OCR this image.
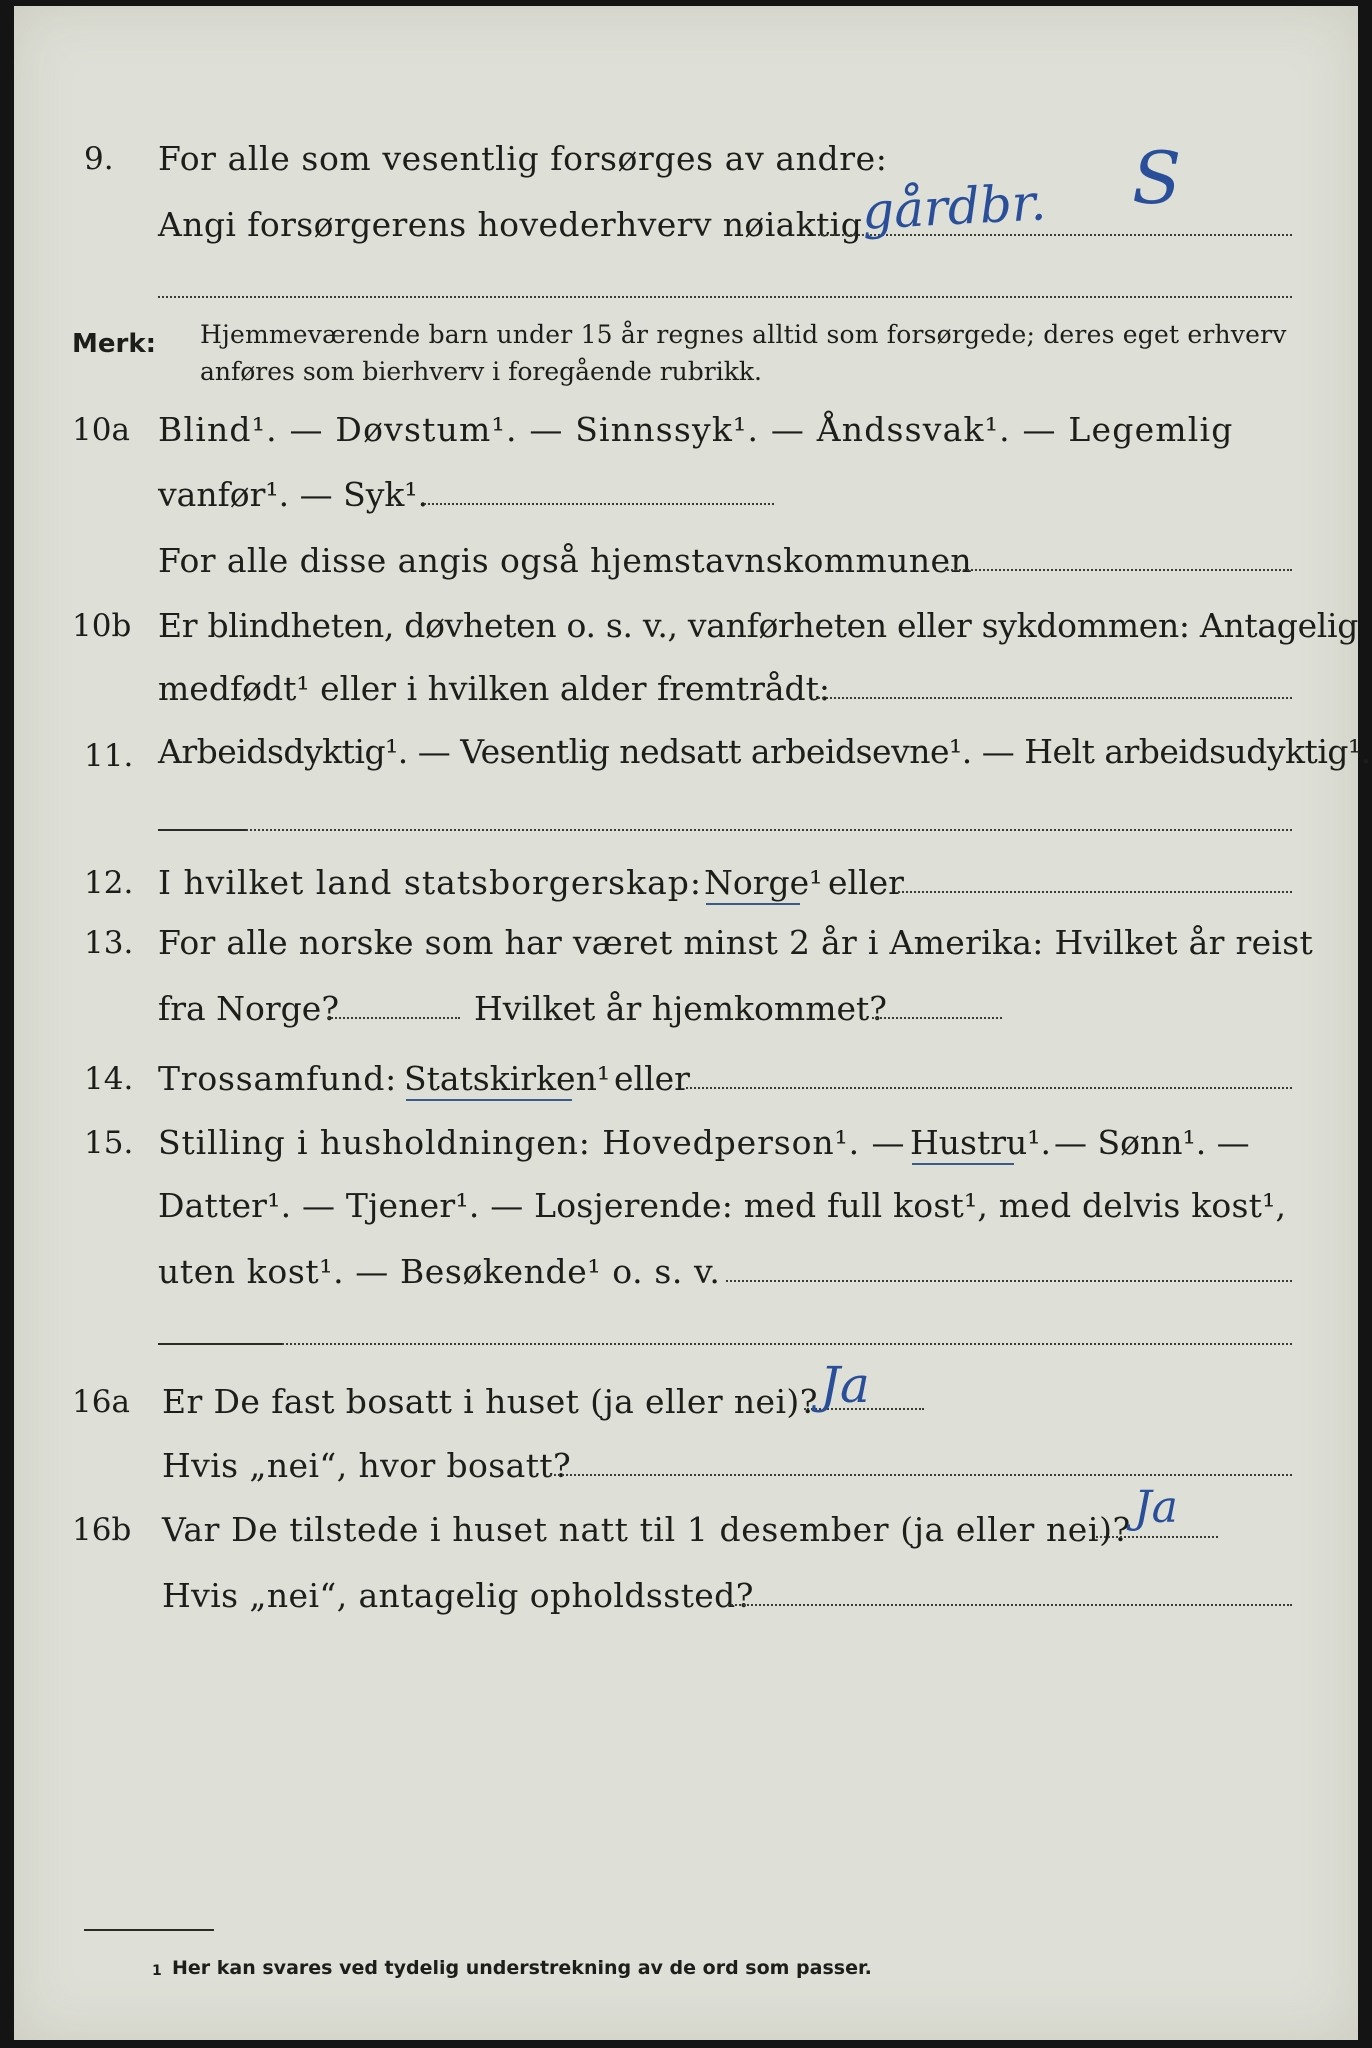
9. For alle som vesentlig forsørges av andre:
Angi forsørgerens hovederhverv nøiaktig
gårdbr. S
Merk: Hjemmeværende barn under 15 år regnes alltid som forsørgede; deres eget erhverv
anføres som bierhverv i foregående rubrikk.
10a Blind¹. — Døvstum¹. — Sinnssyk¹. — Åndssvak¹. — Legemlig
vanfør¹. — Syk¹.
For alle disse angis også hjemstavnskommunen
10b Er blindheten, døvheten o. s. v., vanførheten eller sykdommen: Antagelig
medfødt¹ eller i hvilken alder fremtrådt:
11. Arbeidsdyktig¹. — Vesentlig nedsatt arbeidsevne¹. — Helt arbeidsudyktig¹.
12. I hvilket land statsborgerskap: Norge¹ eller
13. For alle norske som har været minst 2 år i Amerika: Hvilket år reist
fra Norge?	Hvilket år hjemkommet?
14. Trossamfund: Statskirken¹ eller
15. Stilling i husholdningen: Hovedperson¹. — Hustru¹. — Sønn¹. —
Datter¹. — Tjener¹. — Losjerende: med full kost¹, med delvis kost¹,
uten kost¹. — Besøkende¹ o. s. v.
16a Er De fast bosatt i huset (ja eller nei)? Ja
Hvis „nei“, hvor bosatt?
16b Var De tilstede i huset natt til 1 desember (ja eller nei)? Ja
Hvis „nei“, antagelig opholdssted?
1 Her kan svares ved tydelig understrekning av de ord som passer.
